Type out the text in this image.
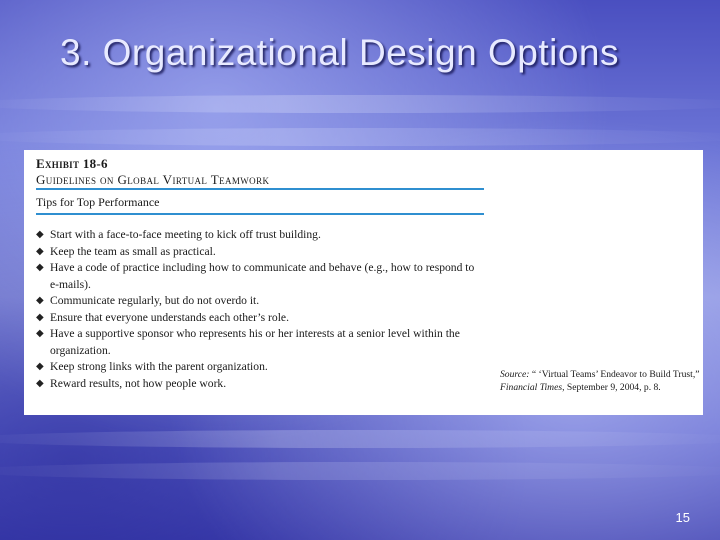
3. Organizational Design Options
Exhibit 18-6
Guidelines on Global Virtual Teamwork
Tips for Top Performance
◆ Start with a face-to-face meeting to kick off trust building.
◆ Keep the team as small as practical.
◆ Have a code of practice including how to communicate and behave (e.g., how to respond to e-mails).
◆ Communicate regularly, but do not overdo it.
◆ Ensure that everyone understands each other’s role.
◆ Have a supportive sponsor who represents his or her interests at a senior level within the organization.
◆ Keep strong links with the parent organization.
◆ Reward results, not how people work.
Source: “ ‘Virtual Teams’ Endeavor to Build Trust,” Financial Times, September 9, 2004, p. 8.
15
